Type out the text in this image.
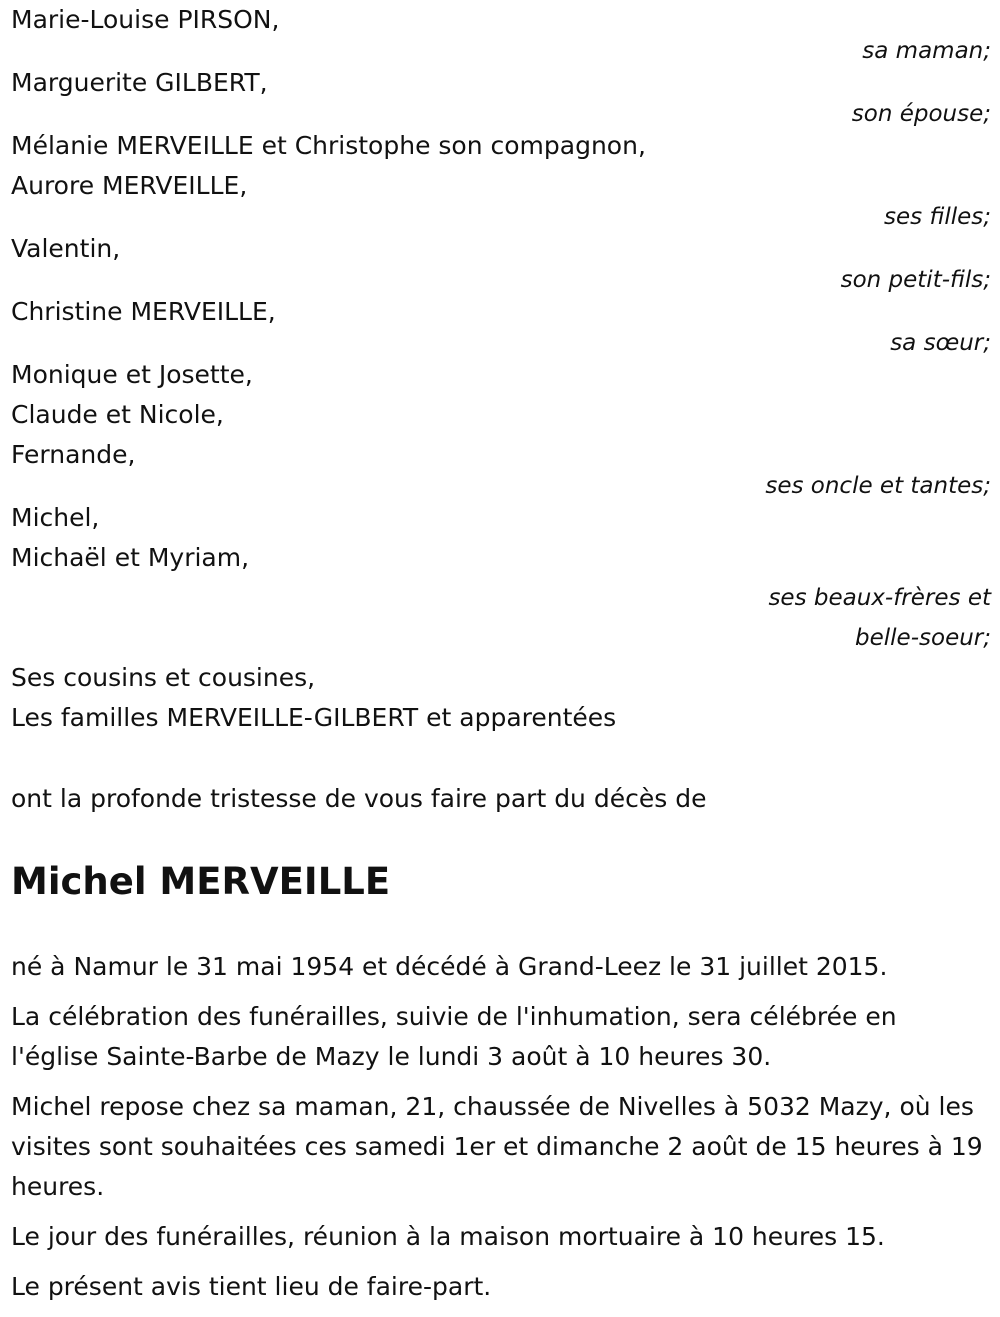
Marie-Louise PIRSON,
sa maman;
Marguerite GILBERT,
son épouse;
Mélanie MERVEILLE et Christophe son compagnon,
Aurore MERVEILLE,
ses filles;
Valentin,
son petit-fils;
Christine MERVEILLE,
sa sœur;
Monique et Josette,
Claude et Nicole,
Fernande,
ses oncle et tantes;
Michel,
Michaël et Myriam,
ses beaux-frères et
belle-soeur;
Ses cousins et cousines,
Les familles MERVEILLE-GILBERT et apparentées
ont la profonde tristesse de vous faire part du décès de
Michel MERVEILLE

né à Namur le 31 mai 1954 et décédé à Grand-Leez le 31 juillet 2015.

La célébration des funérailles, suivie de l'inhumation, sera célébrée en l'église Sainte-Barbe de Mazy le lundi 3 août à 10 heures 30.

Michel repose chez sa maman, 21, chaussée de Nivelles à 5032 Mazy, où les visites sont souhaitées ces samedi 1er et dimanche 2 août de 15 heures à 19 heures.

Le jour des funérailles, réunion à la maison mortuaire à 10 heures 15.

Le présent avis tient lieu de faire-part.
